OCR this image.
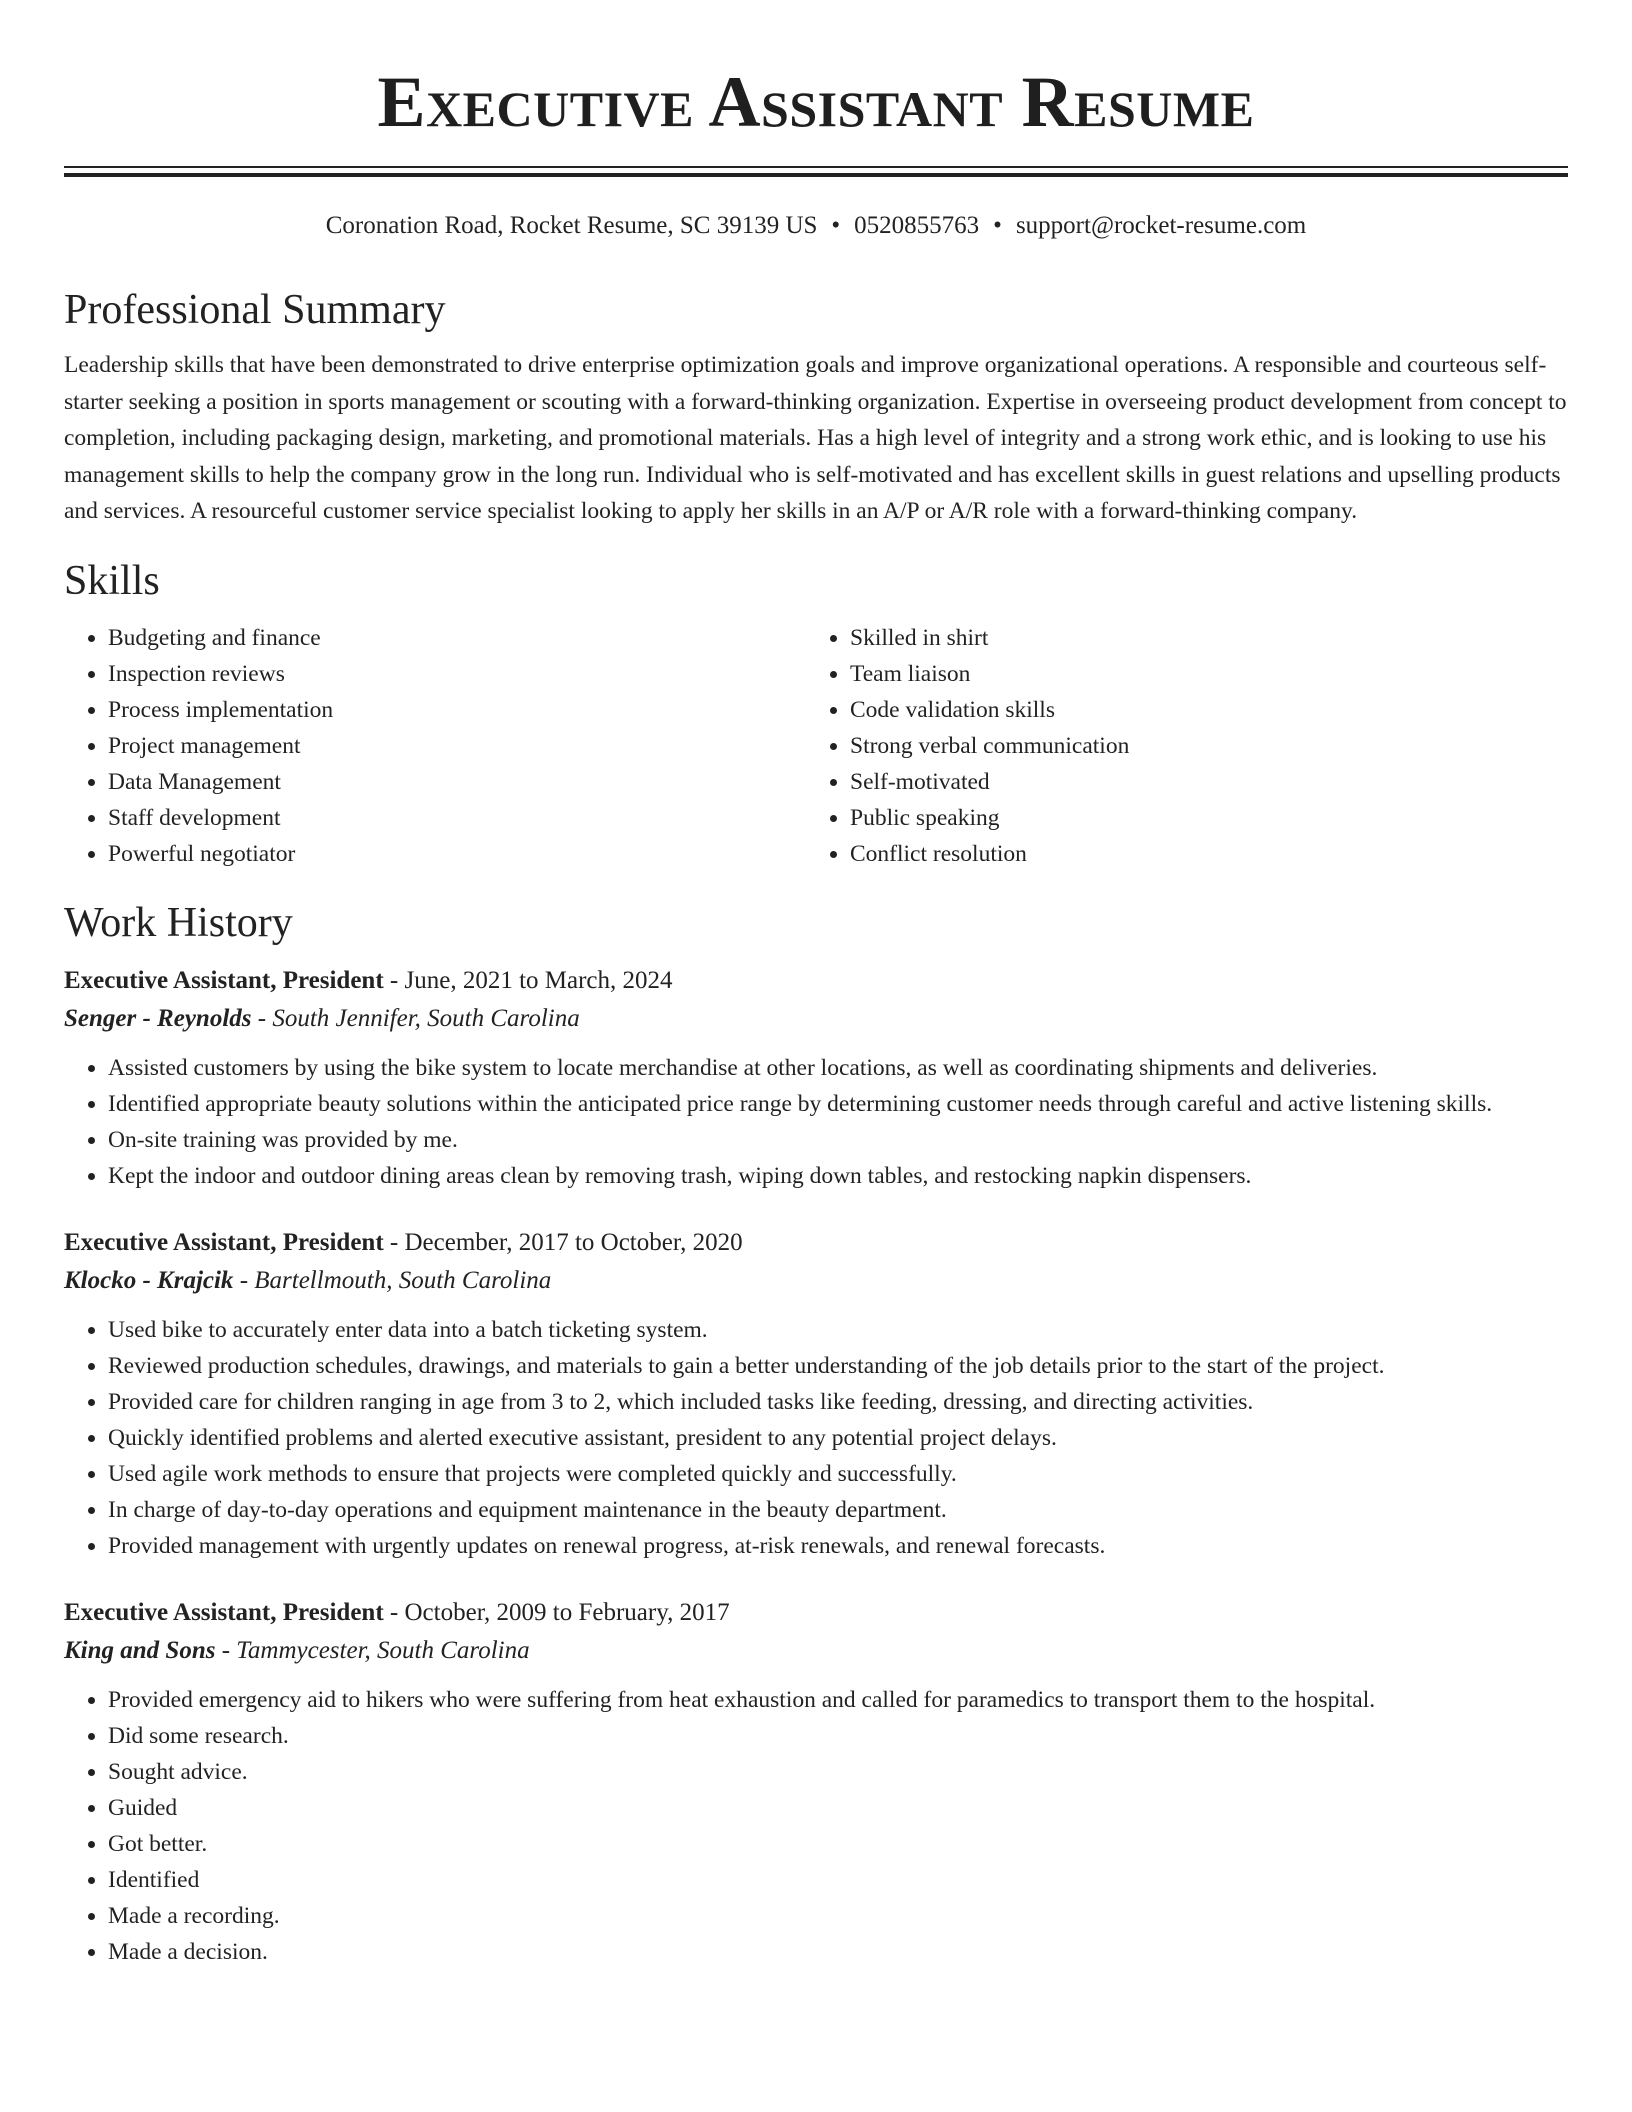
Executive Assistant Resume
Coronation Road, Rocket Resume, SC 39139 US • 0520855763 • support@rocket-resume.com
Professional Summary

Leadership skills that have been demonstrated to drive enterprise optimization goals and improve organizational operations. A responsible and courteous self-starter seeking a position in sports management or scouting with a forward-thinking organization. Expertise in overseeing product development from concept to completion, including packaging design, marketing, and promotional materials. Has a high level of integrity and a strong work ethic, and is looking to use his management skills to help the company grow in the long run. Individual who is self-motivated and has excellent skills in guest relations and upselling products and services. A resourceful customer service specialist looking to apply her skills in an A/P or A/R role with a forward-thinking company.

Skills
• Budgeting and finance
• Inspection reviews
• Process implementation
• Project management
• Data Management
• Staff development
• Powerful negotiator
• Skilled in shirt
• Team liaison
• Code validation skills
• Strong verbal communication
• Self-motivated
• Public speaking
• Conflict resolution
Work History

Executive Assistant, President - June, 2021 to March, 2024

Senger - Reynolds - South Jennifer, South Carolina

• Assisted customers by using the bike system to locate merchandise at other locations, as well as coordinating shipments and deliveries.
• Identified appropriate beauty solutions within the anticipated price range by determining customer needs through careful and active listening skills.
• On-site training was provided by me.
• Kept the indoor and outdoor dining areas clean by removing trash, wiping down tables, and restocking napkin dispensers.

Executive Assistant, President - December, 2017 to October, 2020

Klocko - Krajcik - Bartellmouth, South Carolina

• Used bike to accurately enter data into a batch ticketing system.
• Reviewed production schedules, drawings, and materials to gain a better understanding of the job details prior to the start of the project.
• Provided care for children ranging in age from 3 to 2, which included tasks like feeding, dressing, and directing activities.
• Quickly identified problems and alerted executive assistant, president to any potential project delays.
• Used agile work methods to ensure that projects were completed quickly and successfully.
• In charge of day-to-day operations and equipment maintenance in the beauty department.
• Provided management with urgently updates on renewal progress, at-risk renewals, and renewal forecasts.

Executive Assistant, President - October, 2009 to February, 2017

King and Sons - Tammycester, South Carolina

• Provided emergency aid to hikers who were suffering from heat exhaustion and called for paramedics to transport them to the hospital.
• Did some research.
• Sought advice.
• Guided
• Got better.
• Identified
• Made a recording.
• Made a decision.
